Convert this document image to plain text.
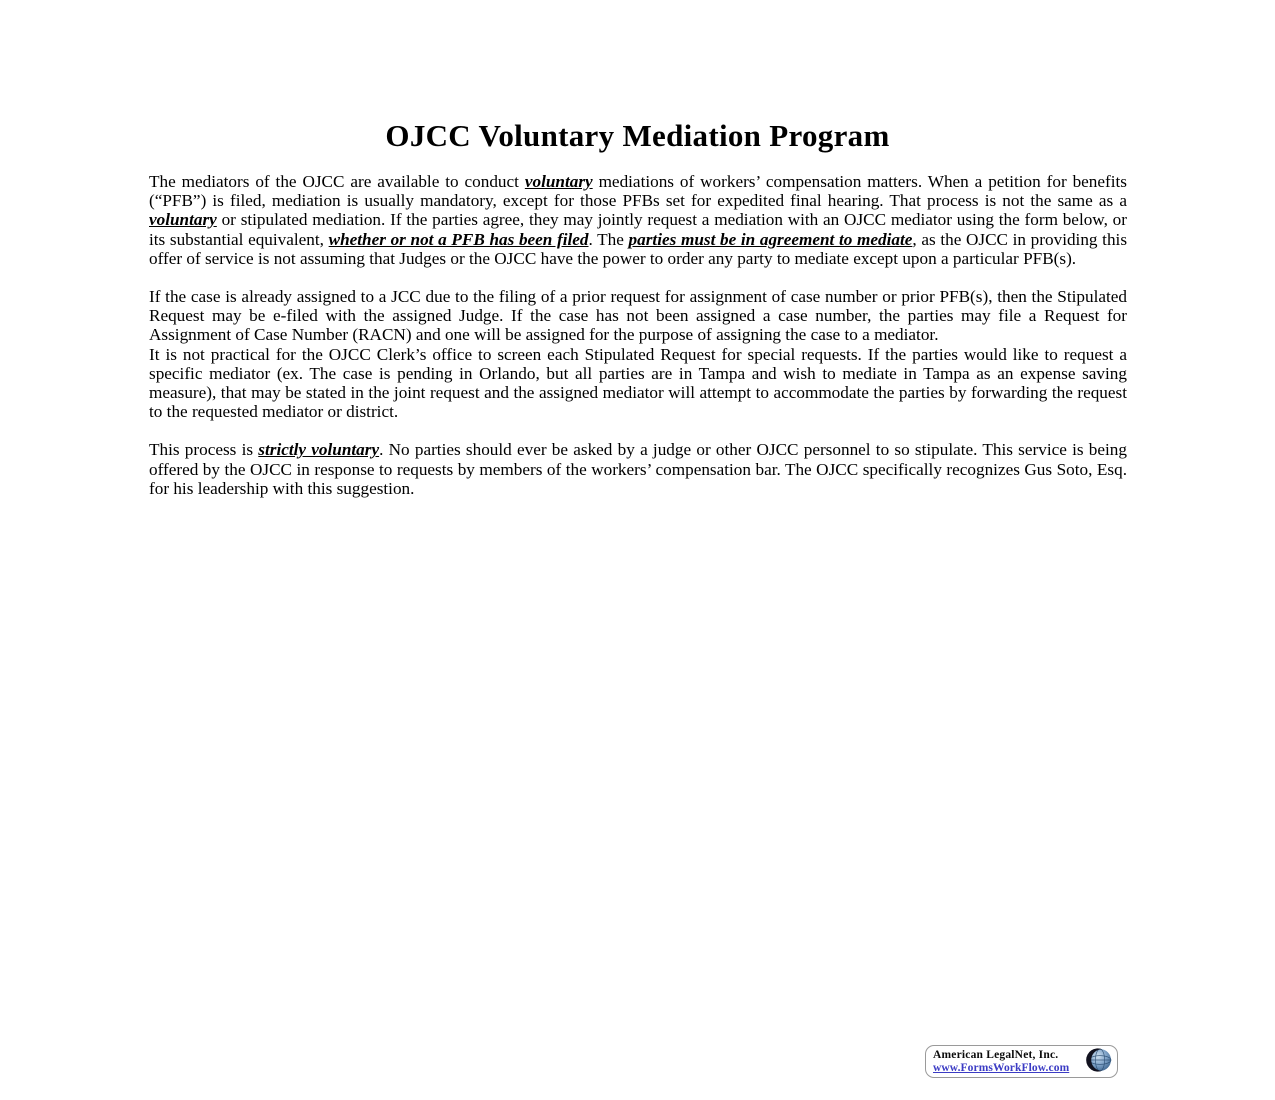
OJCC Voluntary Mediation Program

The mediators of the OJCC are available to conduct voluntary mediations of workers’ compensation matters. When a petition for benefits (“PFB”) is filed, mediation is usually mandatory, except for those PFBs set for expedited final hearing. That process is not the same as a voluntary or stipulated mediation. If the parties agree, they may jointly request a mediation with an OJCC mediator using the form below, or its substantial equivalent, whether or not a PFB has been filed. The parties must be in agreement to mediate, as the OJCC in providing this offer of service is not assuming that Judges or the OJCC have the power to order any party to mediate except upon a particular PFB(s).

If the case is already assigned to a JCC due to the filing of a prior request for assignment of case number or prior PFB(s), then the Stipulated Request may be e-filed with the assigned Judge. If the case has not been assigned a case number, the parties may file a Request for Assignment of Case Number (RACN) and one will be assigned for the purpose of assigning the case to a mediator.

It is not practical for the OJCC Clerk’s office to screen each Stipulated Request for special requests. If the parties would like to request a specific mediator (ex. The case is pending in Orlando, but all parties are in Tampa and wish to mediate in Tampa as an expense saving measure), that may be stated in the joint request and the assigned mediator will attempt to accommodate the parties by forwarding the request to the requested mediator or district.

This process is strictly voluntary. No parties should ever be asked by a judge or other OJCC personnel to so stipulate. This service is being offered by the OJCC in response to requests by members of the workers’ compensation bar. The OJCC specifically recognizes Gus Soto, Esq. for his leadership with this suggestion.

American LegalNet, Inc.
www.FormsWorkFlow.com
